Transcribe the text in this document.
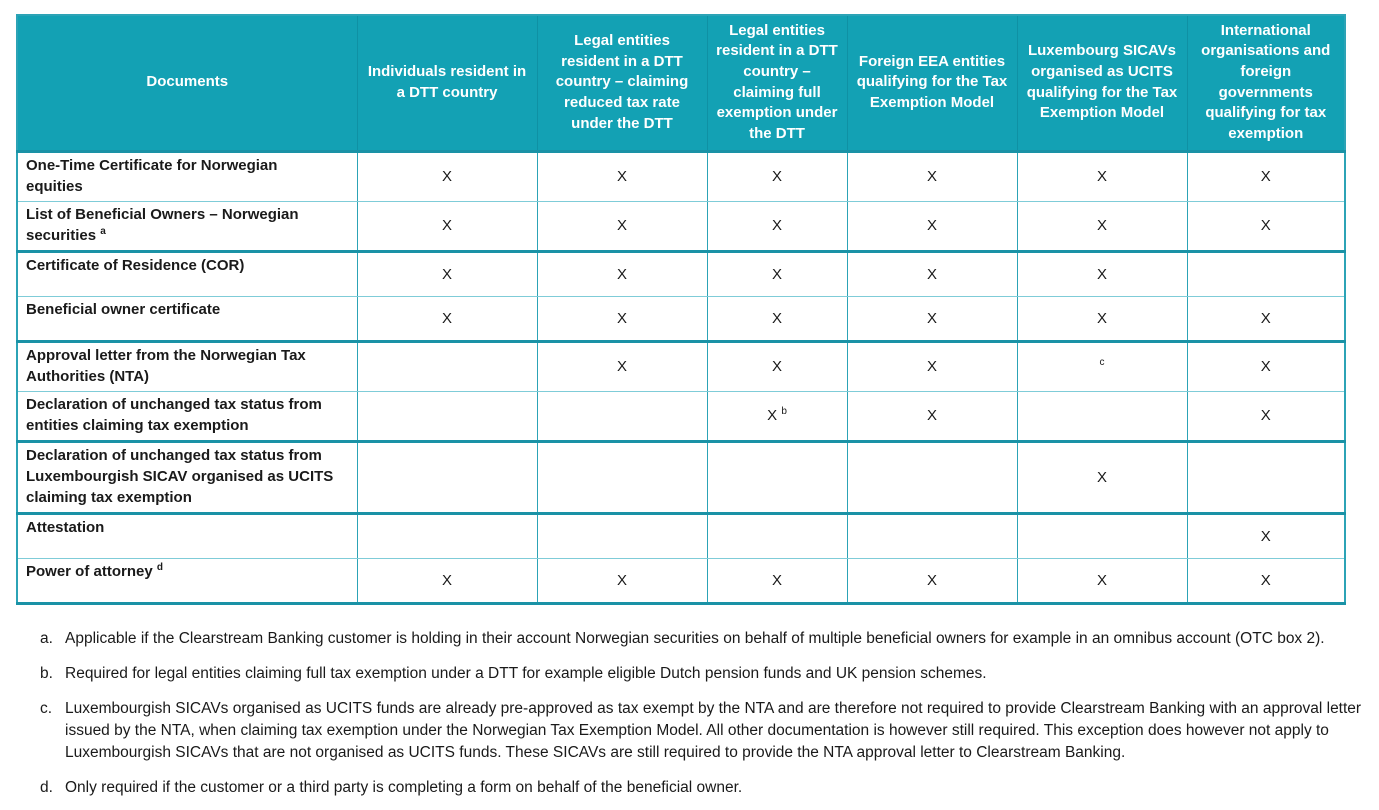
Documents	Individuals resident in a DTT country	Legal entities resident in a DTT country – claiming reduced tax rate under the DTT	Legal entities resident in a DTT country – claiming full exemption under the DTT	Foreign EEA entities qualifying for the Tax Exemption Model	Luxembourg SICAVs organised as UCITS qualifying for the Tax Exemption Model	International organisations and foreign governments qualifying for tax exemption
One-Time Certificate for Norwegian equities	X	X	X	X	X	X
List of Beneficial Owners – Norwegian securities $^a$	X	X	X	X	X	X
Certificate of Residence (COR)	X	X	X	X	X	
Beneficial owner certificate	X	X	X	X	X	X
Approval letter from the Norwegian Tax Authorities (NTA)		X	X	X	$^c$	X
Declaration of unchanged tax status from entities claiming tax exemption			X $^b$	X		X
Declaration of unchanged tax status from Luxembourgish SICAV organised as UCITS claiming tax exemption					X	
Attestation						X
Power of attorney $^d$	X	X	X	X	X	X
a. Applicable if the Clearstream Banking customer is holding in their account Norwegian securities on behalf of multiple beneficial owners for example in an omnibus account (OTC box 2).
b. Required for legal entities claiming full tax exemption under a DTT for example eligible Dutch pension funds and UK pension schemes.
c. Luxembourgish SICAVs organised as UCITS funds are already pre-approved as tax exempt by the NTA and are therefore not required to provide Clearstream Banking with an approval letter issued by the NTA, when claiming tax exemption under the Norwegian Tax Exemption Model. All other documentation is however still required. This exception does however not apply to Luxembourgish SICAVs that are not organised as UCITS funds. These SICAVs are still required to provide the NTA approval letter to Clearstream Banking.
d. Only required if the customer or a third party is completing a form on behalf of the beneficial owner.
